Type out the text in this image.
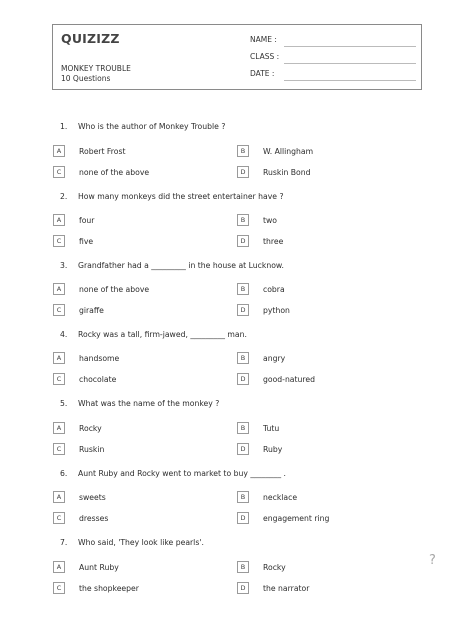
QUIZIZZ
MONKEY TROUBLE
10 Questions
NAME :
CLASS :
DATE :
1. Who is the author of Monkey Trouble ?
A	Robert Frost	B	W. Allingham
C	none of the above	D	Ruskin Bond
2. How many monkeys did the street entertainer have ?
A	four	B	two
C	five	D	three
3. Grandfather had a _________ in the house at Lucknow.
A	none of the above	B	cobra
C	giraffe	D	python
4. Rocky was a tall, firm-jawed, _________ man.
A	handsome	B	angry
C	chocolate	D	good-natured
5. What was the name of the monkey ?
A	Rocky	B	Tutu
C	Ruskin	D	Ruby
6. Aunt Ruby and Rocky went to market to buy ________ .
A	sweets	B	necklace
C	dresses	D	engagement ring
7. Who said, 'They look like pearls'.
A	Aunt Ruby	B	Rocky
C	the shopkeeper	D	the narrator
?
